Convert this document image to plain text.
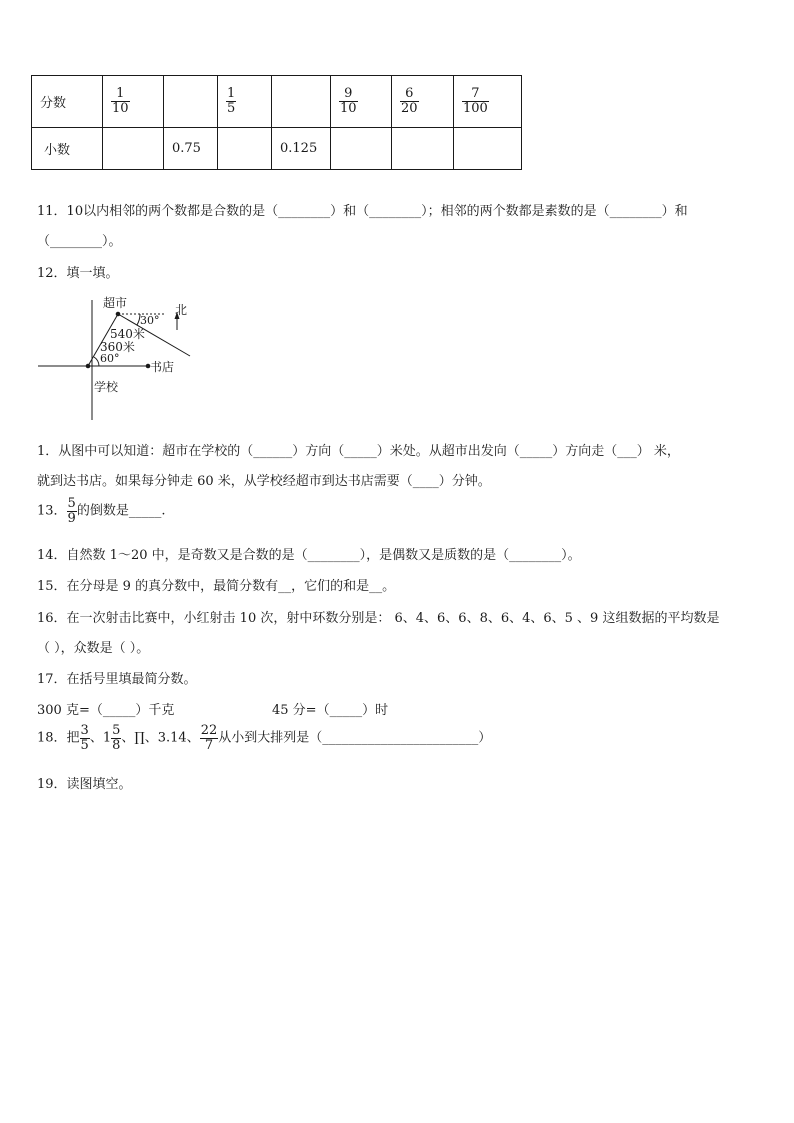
分数	$\frac{1}{10}$		$\frac{1}{5}$		$\frac{9}{10}$	$\frac{6}{20}$	$\frac{7}{100}$

小数		0.75		0.125			
11．10以内相邻的两个数都是合数的是（________）和（________）；相邻的两个数都是素数的是（________）和
（________）。
12．填一填。
超市	北
30°
540米
360米
60°
书店
学校
1．从图中可以知道：超市在学校的（______）方向（_____）米处。从超市出发向（_____）方向走（___） 米，
就到达书店。如果每分钟走 60 米，从学校经超市到达书店需要（____）分钟。
13． $\frac{5}{9}$ 的倒数是_____.
14．自然数 1～20 中，是奇数又是合数的是（________），是偶数又是质数的是（________）。
15．在分母是 9 的真分数中，最简分数有__，它们的和是__。
16．在一次射击比赛中，小红射击 10 次，射中环数分别是： 6、4、6、6、8、6、4、6、5 、9 这组数据的平均数是
（ ），众数是（ ）。
17．在括号里填最简分数。
300 克=（_____）千克	45 分=（_____）时
18．把 $\frac{3}{5}$ 、$1 \frac{5}{8}$ 、∏、3.14、 $\frac{22}{7}$ 从小到大排列是（________________________）
19．读图填空。
